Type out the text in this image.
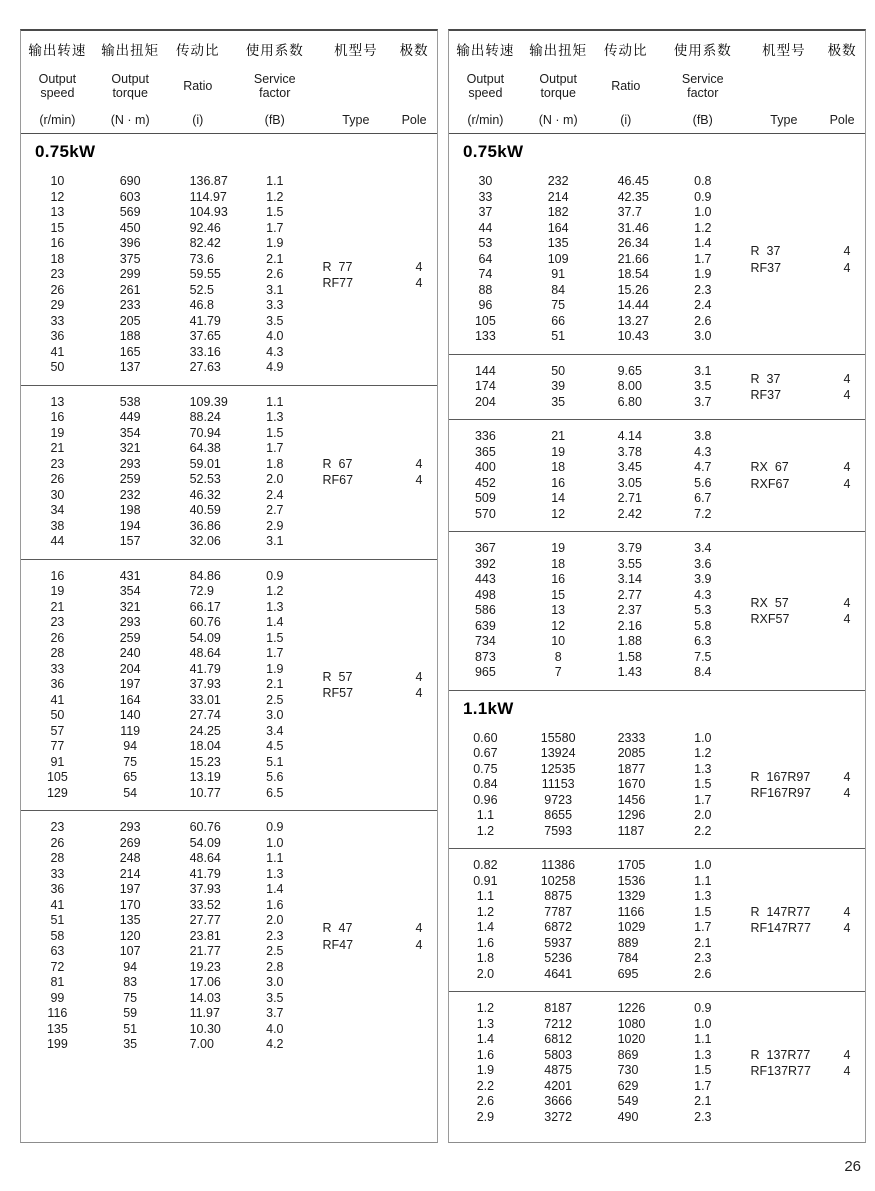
输出转速
Output
speed
(r/min)
输出扭矩
Output
torque
(N · m)
传动比
Ratio
(i)
使用系数
Service
factor
(fB)
机型号
Type
极数
Pole
0.75kW
10	690	136.87	1.1
12	603	114.97	1.2
13	569	104.93	1.5
15	450	92.46	1.7
16	396	82.42	1.9
18	375	73.6	2.1
23	299	59.55	2.6
26	261	52.5	3.1
29	233	46.8	3.3
33	205	41.79	3.5
36	188	37.65	4.0
41	165	33.16	4.3
50	137	27.63	4.9
R  77	4
RF77	4
13	538	109.39	1.1
16	449	88.24	1.3
19	354	70.94	1.5
21	321	64.38	1.7
23	293	59.01	1.8
26	259	52.53	2.0
30	232	46.32	2.4
34	198	40.59	2.7
38	194	36.86	2.9
44	157	32.06	3.1
R  67	4
RF67	4
16	431	84.86	0.9
19	354	72.9	1.2
21	321	66.17	1.3
23	293	60.76	1.4
26	259	54.09	1.5
28	240	48.64	1.7
33	204	41.79	1.9
36	197	37.93	2.1
41	164	33.01	2.5
50	140	27.74	3.0
57	119	24.25	3.4
77	94	18.04	4.5
91	75	15.23	5.1
105	65	13.19	5.6
129	54	10.77	6.5
R  57	4
RF57	4
23	293	60.76	0.9
26	269	54.09	1.0
28	248	48.64	1.1
33	214	41.79	1.3
36	197	37.93	1.4
41	170	33.52	1.6
51	135	27.77	2.0
58	120	23.81	2.3
63	107	21.77	2.5
72	94	19.23	2.8
81	83	17.06	3.0
99	75	14.03	3.5
116	59	11.97	3.7
135	51	10.30	4.0
199	35	7.00	4.2
R  47	4
RF47	4
输出转速
Output
speed
(r/min)
输出扭矩
Output
torque
(N · m)
传动比
Ratio
(i)
使用系数
Service
factor
(fB)
机型号
Type
极数
Pole
0.75kW
30	232	46.45	0.8
33	214	42.35	0.9
37	182	37.7	1.0
44	164	31.46	1.2
53	135	26.34	1.4
64	109	21.66	1.7
74	91	18.54	1.9
88	84	15.26	2.3
96	75	14.44	2.4
105	66	13.27	2.6
133	51	10.43	3.0
R  37	4
RF37	4
144	50	9.65	3.1
174	39	8.00	3.5
204	35	6.80	3.7
R  37	4
RF37	4
336	21	4.14	3.8
365	19	3.78	4.3
400	18	3.45	4.7
452	16	3.05	5.6
509	14	2.71	6.7
570	12	2.42	7.2
RX  67	4
RXF67	4
367	19	3.79	3.4
392	18	3.55	3.6
443	16	3.14	3.9
498	15	2.77	4.3
586	13	2.37	5.3
639	12	2.16	5.8
734	10	1.88	6.3
873	8	1.58	7.5
965	7	1.43	8.4
RX  57	4
RXF57	4
1.1kW
0.60	15580	2333	1.0
0.67	13924	2085	1.2
0.75	12535	1877	1.3
0.84	11153	1670	1.5
0.96	9723	1456	1.7
1.1	8655	1296	2.0
1.2	7593	1187	2.2
R  167R97	4
RF167R97	4
0.82	11386	1705	1.0
0.91	10258	1536	1.1
1.1	8875	1329	1.3
1.2	7787	1166	1.5
1.4	6872	1029	1.7
1.6	5937	889	2.1
1.8	5236	784	2.3
2.0	4641	695	2.6
R  147R77	4
RF147R77	4
1.2	8187	1226	0.9
1.3	7212	1080	1.0
1.4	6812	1020	1.1
1.6	5803	869	1.3
1.9	4875	730	1.5
2.2	4201	629	1.7
2.6	3666	549	2.1
2.9	3272	490	2.3
R  137R77	4
RF137R77	4
26
